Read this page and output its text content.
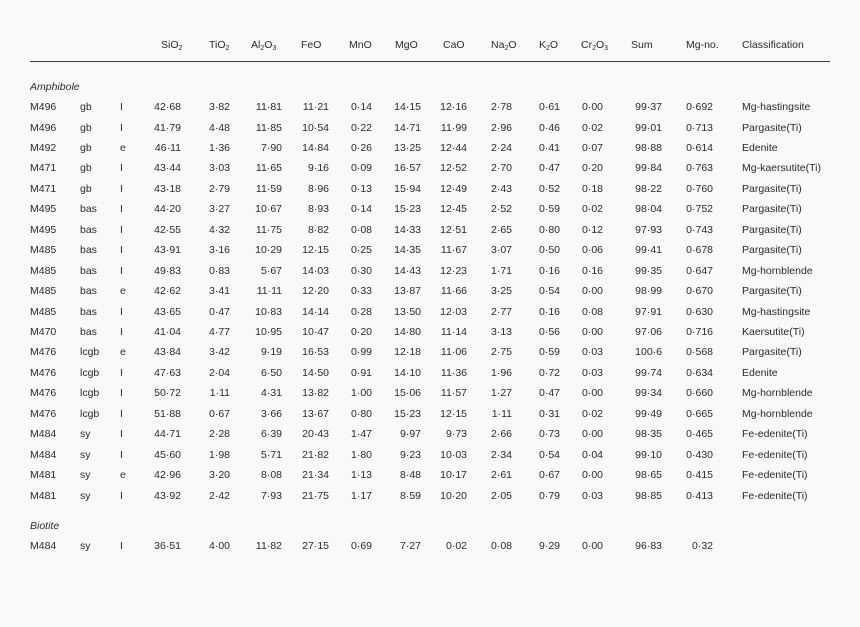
SiO$_2$	TiO$_2$ $Al_2O_3$ FeO	MnO MgO CaO	$Na_2O$ $K_2O$ $Cr_2O_3$ Sum	Mg-no. Classification
Amphibole
M496 gb	I	42·68	3·82 11·81 11·21 0·14 14·15 12·16 2·78	0·61 0·00	99·37 0·692	Mg-hastingsite
M496 gb	I	41·79	4·48 11·85 10·54 0·22 14·71 11·99 2·96	0·46 0·02	99·01 0·713	Pargasite(Ti)
M492 gb	e	46·11	1·36	7·90 14·84 0·26 13·25 12·44 2·24	0·41 0·07	98·88 0·614	Edenite
M471 gb	I	43·44	3·03 11·65 9·16 0·09 16·57 12·52 2·70	0·47 0·20	99·84 0·763	Mg-kaersutite(Ti)
M471 gb	I	43·18	2·79 11·59 8·96 0·13 15·94 12·49 2·43	0·52 0·18	98·22 0·760	Pargasite(Ti)
M495 bas I	44·20	3·27 10·67 8·93 0·14 15·23 12·45 2·52	0·59 0·02	98·04 0·752	Pargasite(Ti)
M495 bas I	42·55	4·32 11·75 8·82 0·08 14·33 12·51 2·65	0·80 0·12	97·93 0·743	Pargasite(Ti)
M485 bas I	43·91	3·16 10·29 12·15 0·25 14·35 11·67 3·07	0·50 0·06	99·41 0·678	Pargasite(Ti)
M485 bas I	49·83	0·83	5·67 14·03 0·30 14·43 12·23 1·71	0·16 0·16	99·35 0·647	Mg-hornblende
M485 bas e	42·62	3·41	11·11 12·20 0·33 13·87 11·66 3·25	0·54 0·00	98·99 0·670	Pargasite(Ti)
M485 bas I	43·65	0·47 10·83 14·14 0·28 13·50 12·03 2·77	0·16 0·08	97·91 0·630	Mg-hastingsite
M470 bas I	41·04	4·77 10·95 10·47 0·20 14·80 11·14 3·13	0·56 0·00	97·06 0·716	Kaersutite(Ti)
M476 lcgb e	43·84	3·42	9·19 16·53 0·99 12·18 11·06 2·75	0·59 0·03	100·6 0·568	Pargasite(Ti)
M476 lcgb I	47·63	2·04	6·50 14·50 0·91 14·10 11·36 1·96	0·72 0·03	99·74 0·634	Edenite
M476 lcgb I	50·72	1·11	4·31 13·82 1·00 15·06 11·57 1·27	0·47 0·00	99·34 0·660	Mg-hornblende
M476 lcgb I	51·88	0·67	3·66 13·67 0·80 15·23 12·15 1·11	0·31 0·02	99·49 0·665	Mg-hornblende
M484 sy	I	44·71	2·28	6·39 20·43 1·47	9·97 9·73 2·66	0·73 0·00	98·35 0·465	Fe-edenite(Ti)
M484 sy	I	45·60	1·98	5·71 21·82 1·80	9·23 10·03 2·34	0·54 0·04	99·10 0·430	Fe-edenite(Ti)
M481 sy	e	42·96	3·20	8·08 21·34 1·13	8·48 10·17 2·61	0·67 0·00	98·65 0·415	Fe-edenite(Ti)
M481 sy	I	43·92	2·42	7·93 21·75 1·17	8·59 10·20 2·05	0·79 0·03	98·85 0·413	Fe-edenite(Ti)
Biotite
M484 sy	I	36·51	4·00 11·82 27·15 0·69	7·27 0·02 0·08	9·29 0·00	96·83	0·32
